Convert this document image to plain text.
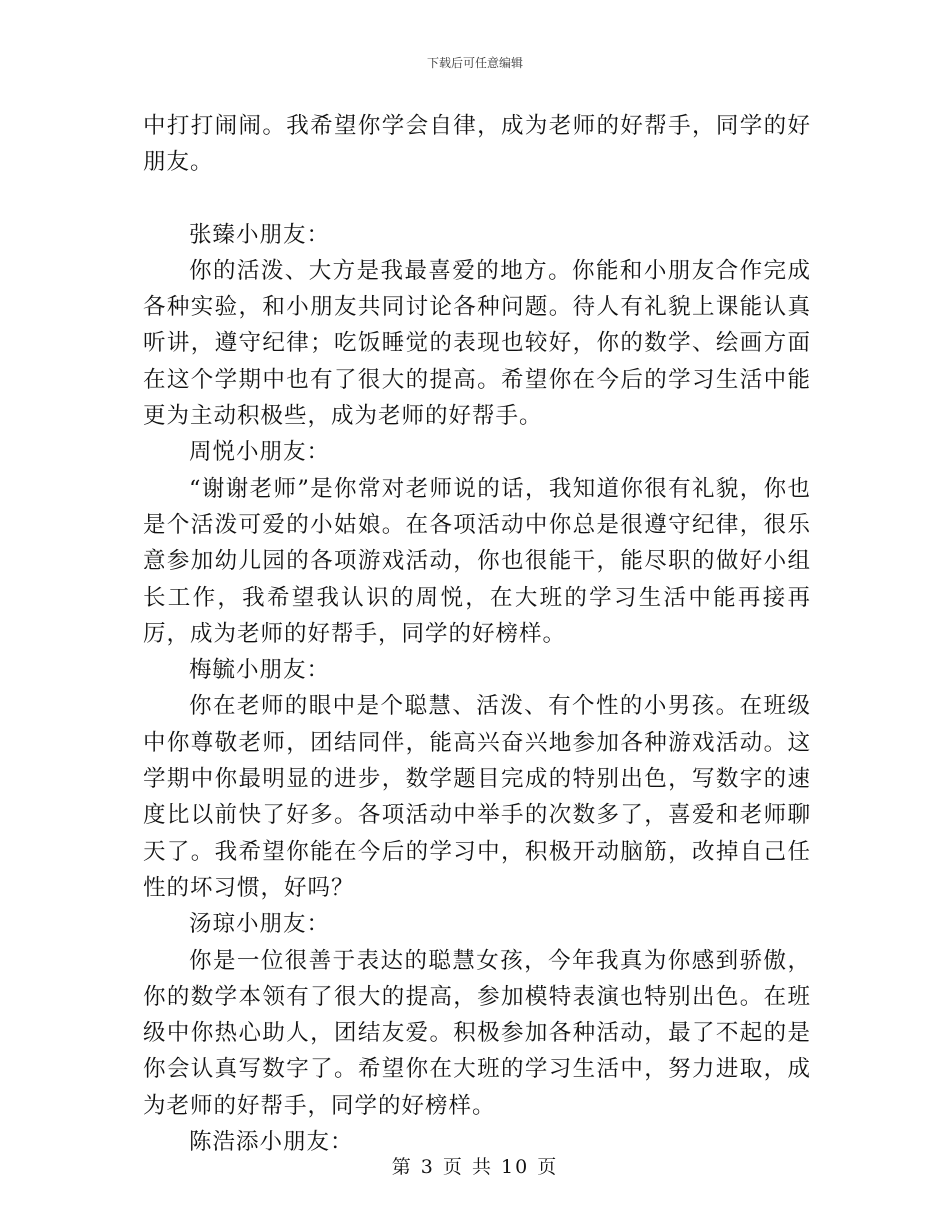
下载后可任意编辑

中打打闹闹。我希望你学会自律，成为老师的好帮手，同学的好朋友。

张臻小朋友：

你的活泼、大方是我最喜爱的地方。你能和小朋友合作完成各种实验，和小朋友共同讨论各种问题。待人有礼貌上课能认真听讲，遵守纪律；吃饭睡觉的表现也较好，你的数学、绘画方面在这个学期中也有了很大的提高。希望你在今后的学习生活中能更为主动积极些，成为老师的好帮手。

周悦小朋友：

“谢谢老师”是你常对老师说的话，我知道你很有礼貌，你也是个活泼可爱的小姑娘。在各项活动中你总是很遵守纪律，很乐意参加幼儿园的各项游戏活动，你也很能干，能尽职的做好小组长工作，我希望我认识的周悦，在大班的学习生活中能再接再厉，成为老师的好帮手，同学的好榜样。

梅毓小朋友：

你在老师的眼中是个聪慧、活泼、有个性的小男孩。在班级中你尊敬老师，团结同伴，能高兴奋兴地参加各种游戏活动。这学期中你最明显的进步，数学题目完成的特别出色，写数字的速度比以前快了好多。各项活动中举手的次数多了，喜爱和老师聊天了。我希望你能在今后的学习中，积极开动脑筋，改掉自己任性的坏习惯，好吗？

汤琼小朋友：

你是一位很善于表达的聪慧女孩，今年我真为你感到骄傲，你的数学本领有了很大的提高，参加模特表演也特别出色。在班级中你热心助人，团结友爱。积极参加各种活动，最了不起的是你会认真写数字了。希望你在大班的学习生活中，努力进取，成为老师的好帮手，同学的好榜样。

陈浩添小朋友：

第 3 页 共 10 页
